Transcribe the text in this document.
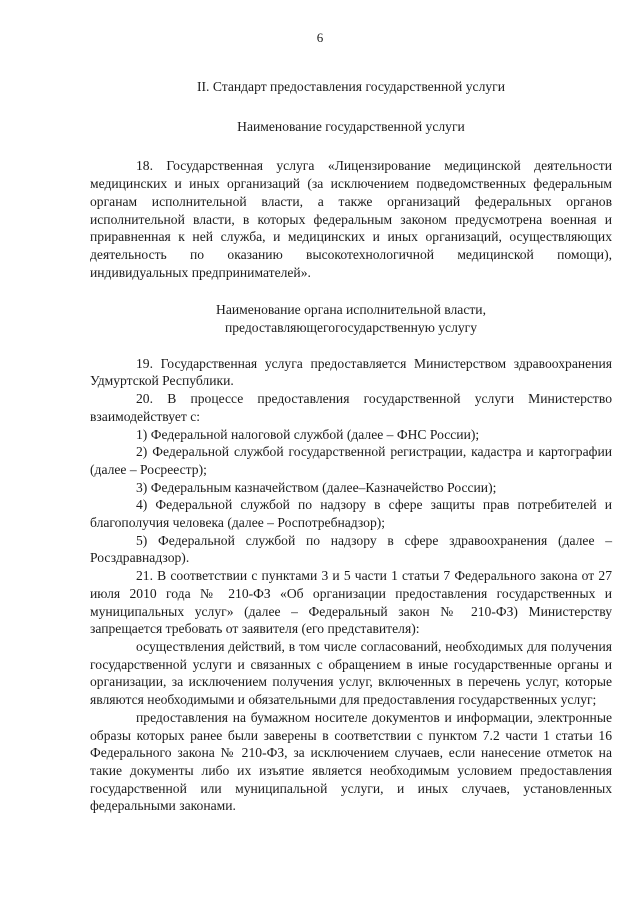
6

II. Стандарт предоставления государственной услуги

Наименование государственной услуги

18. Государственная услуга «Лицензирование медицинской деятельности медицинских и иных организаций (за исключением подведомственных федеральным органам исполнительной власти, а также организаций федеральных органов исполнительной власти, в которых федеральным законом предусмотрена военная и приравненная к ней служба, и медицинских и иных организаций, осуществляющих деятельность по оказанию высокотехнологичной медицинской помощи), индивидуальных предпринимателей».

Наименование органа исполнительной власти,

предоставляющегогосударственную услугу

19. Государственная услуга предоставляется Министерством здравоохранения Удмуртской Республики.

20. В процессе предоставления государственной услуги Министерство взаимодействует с:

1) Федеральной налоговой службой (далее – ФНС России);

2) Федеральной службой государственной регистрации, кадастра и картографии (далее – Росреестр);

3) Федеральным казначейством (далее–Казначейство России);

4) Федеральной службой по надзору в сфере защиты прав потребителей и благополучия человека (далее – Роспотребнадзор);

5) Федеральной службой по надзору в сфере здравоохранения (далее – Росздравнадзор).

21. В соответствии с пунктами 3 и 5 части 1 статьи 7 Федерального закона от 27 июля 2010 года № 210-ФЗ «Об организации предоставления государственных и муниципальных услуг» (далее – Федеральный закон № 210-ФЗ) Министерству запрещается требовать от заявителя (его представителя):

осуществления действий, в том числе согласований, необходимых для получения государственной услуги и связанных с обращением в иные государственные органы и организации, за исключением получения услуг, включенных в перечень услуг, которые являются необходимыми и обязательными для предоставления государственных услуг;

предоставления на бумажном носителе документов и информации, электронные образы которых ранее были заверены в соответствии с пунктом 7.2 части 1 статьи 16 Федерального закона № 210-ФЗ, за исключением случаев, если нанесение отметок на такие документы либо их изъятие является необходимым условием предоставления государственной или муниципальной услуги, и иных случаев, установленных федеральными законами.
